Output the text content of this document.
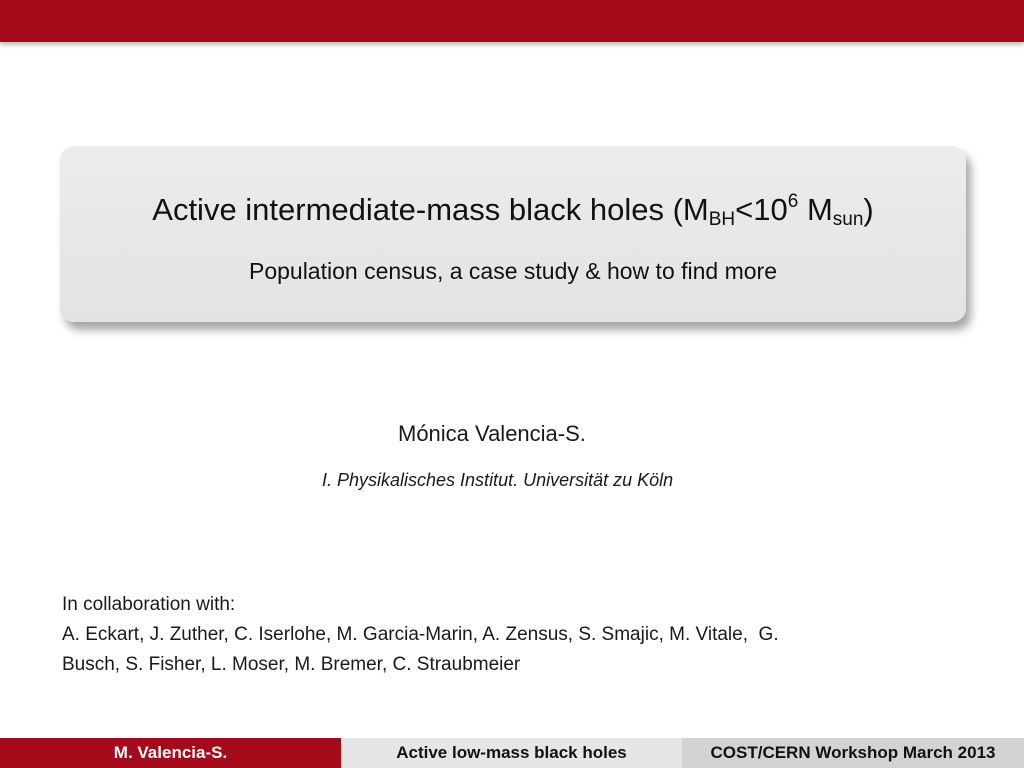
Active intermediate-mass black holes ($M_{BH}<10^6$ $M_{sun}$)
Population census, a case study & how to find more
Mónica Valencia-S.
I. Physikalisches Institut. Universität zu Köln
In collaboration with:
A. Eckart, J. Zuther, C. Iserlohe, M. Garcia-Marin, A. Zensus, S. Smajic, M. Vitale,  G.
Busch, S. Fisher, L. Moser, M. Bremer, C. Straubmeier
M. Valencia-S.	Active low-mass black holes	COST/CERN Workshop March 2013
